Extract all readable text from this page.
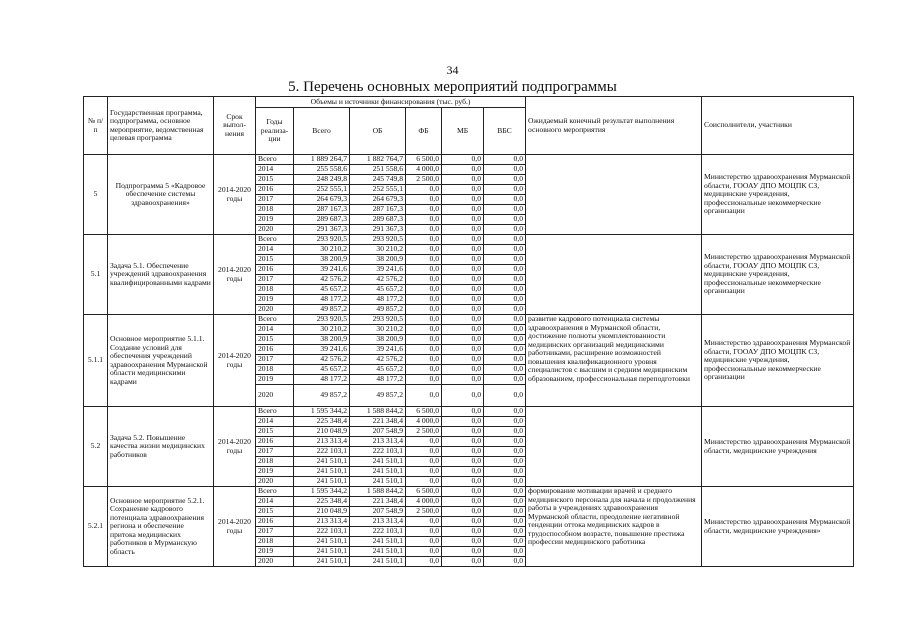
34
5. Перечень основных мероприятий подпрограммы
№ п/п	Государственная программа, подпрограмма, основное мероприятие, ведомственная целевая программа	Срок выпол-нения	Объемы и источники финансирования (тыс. руб.)						Ожидаемый конечный результат выполнения основного мероприятия	Соисполнители, участники
			Годы реализа-ции	Всего	ОБ	ФБ	МБ	ВБС		
5	Подпрограмма 5 «Кадровое обеспечение системы здравоохранения»	2014-2020 годы	Всего	1 889 264,7	1 882 764,7	6 500,0	0,0	0,0		Министерство здравоохранения Мурманской области, ГООАУ ДПО МОЦПК СЗ, медицинские учреждения, профессиональные некоммерческие организации
			2014	255 558,6	251 558,6	4 000,0	0,0	0,0		
			2015	248 249,8	245 749,8	2 500,0	0,0	0,0		
			2016	252 555,1	252 555,1	0,0	0,0	0,0		
			2017	264 679,3	264 679,3	0,0	0,0	0,0		
			2018	287 167,3	287 167,3	0,0	0,0	0,0		
			2019	289 687,3	289 687,3	0,0	0,0	0,0		
			2020	291 367,3	291 367,3	0,0	0,0	0,0		
5.1	Задача 5.1. Обеспечение учреждений здравоохранения квалифицированными кадрами	2014-2020 годы	Всего	293 920,5	293 920,5	0,0	0,0	0,0		Министерство здравоохранения Мурманской области, ГООАУ ДПО МОЦПК СЗ, медицинские учреждения, профессиональные некоммерческие организации
			2014	30 210,2	30 210,2	0,0	0,0	0,0		
			2015	38 200,9	38 200,9	0,0	0,0	0,0		
			2016	39 241,6	39 241,6	0,0	0,0	0,0		
			2017	42 576,2	42 576,2	0,0	0,0	0,0		
			2018	45 657,2	45 657,2	0,0	0,0	0,0		
			2019	48 177,2	48 177,2	0,0	0,0	0,0		
			2020	49 857,2	49 857,2	0,0	0,0	0,0		
5.1.1	Основное мероприятие 5.1.1. Создание условий для обеспечения учреждений здравоохранения Мурманской области медицинскими кадрами	2014-2020 годы	Всего	293 920,5	293 920,5	0,0	0,0	0,0	развитие кадрового потенциала системы здравоохранения в Мурманской области, достижение полноты укомплектованности медицинских организаций медицинскими работниками, расширение возможностей повышения квалификационного уровня специалистов с высшим и средним медицинским образованием, профессиональная переподготовки	Министерство здравоохранения Мурманской области, ГООАУ ДПО МОЦПК СЗ, медицинские учреждения, профессиональные некоммерческие организации
			2014	30 210,2	30 210,2	0,0	0,0	0,0		
			2015	38 200,9	38 200,9	0,0	0,0	0,0		
			2016	39 241,6	39 241,6	0,0	0,0	0,0		
			2017	42 576,2	42 576,2	0,0	0,0	0,0		
			2018	45 657,2	45 657,2	0,0	0,0	0,0		
			2019	48 177,2	48 177,2	0,0	0,0	0,0		
			2020	49 857,2	49 857,2	0,0	0,0	0,0		
5.2	Задача 5.2. Повышение качества жизни медицинских работников	2014-2020 годы	Всего	1 595 344,2	1 588 844,2	6 500,0	0,0	0,0		Министерство здравоохранения Мурманской области, медицинские учреждения
			2014	225 348,4	221 348,4	4 000,0	0,0	0,0		
			2015	210 048,9	207 548,9	2 500,0	0,0	0,0		
			2016	213 313,4	213 313,4	0,0	0,0	0,0		
			2017	222 103,1	222 103,1	0,0	0,0	0,0		
			2018	241 510,1	241 510,1	0,0	0,0	0,0		
			2019	241 510,1	241 510,1	0,0	0,0	0,0		
			2020	241 510,1	241 510,1	0,0	0,0	0,0		
5.2.1	Основное мероприятие 5.2.1. Сохранение кадрового потенциала здравоохранения региона и обеспечение притока медицинских работников в Мурманскую область	2014-2020 годы	Всего	1 595 344,2	1 588 844,2	6 500,0	0,0	0,0	формирование мотивации врачей и среднего медицинского персонала для начала и продолжения работы в учреждениях здравоохранения Мурманской области, преодоление негативной тенденции оттока медицинских кадров в трудоспособном возрасте, повышение престижа профессии медицинского работника	Министерство здравоохранения Мурманской области, медицинские учреждения»
			2014	225 348,4	221 348,4	4 000,0	0,0	0,0		
			2015	210 048,9	207 548,9	2 500,0	0,0	0,0		
			2016	213 313,4	213 313,4	0,0	0,0	0,0		
			2017	222 103,1	222 103,1	0,0	0,0	0,0		
			2018	241 510,1	241 510,1	0,0	0,0	0,0		
			2019	241 510,1	241 510,1	0,0	0,0	0,0		
			2020	241 510,1	241 510,1	0,0	0,0	0,0		
